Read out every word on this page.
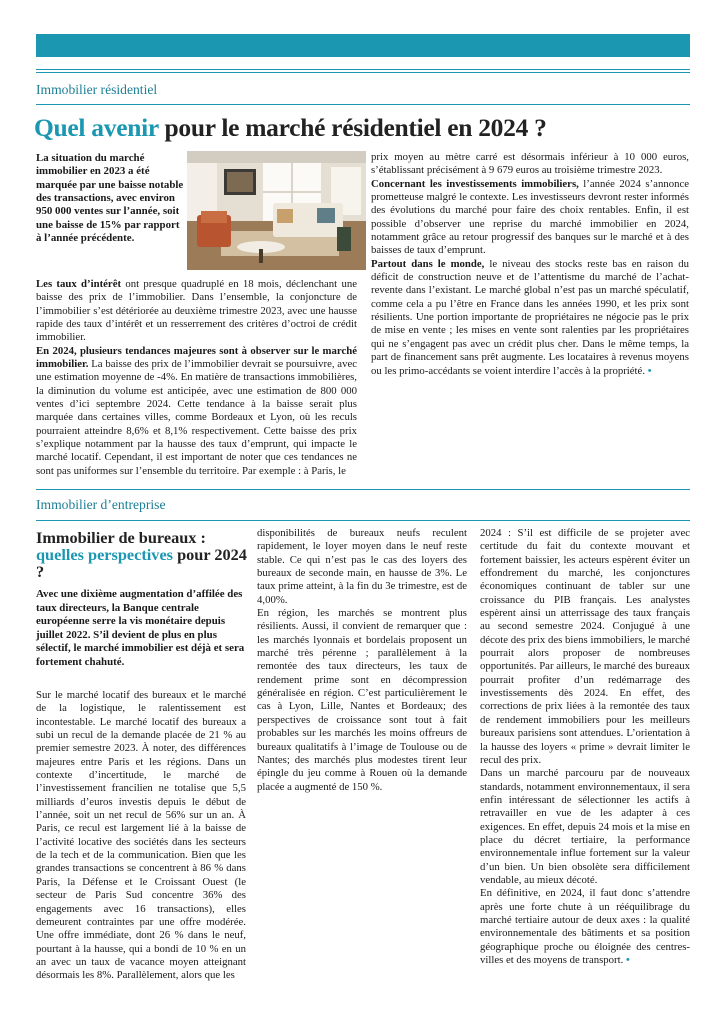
Immobilier résidentiel
Quel avenir pour le marché résidentiel en 2024 ?
La situation du marché immobilier en 2023 a été marquée par une baisse notable des transactions, avec environ 950 000 ventes sur l’année, soit une baisse de 15% par rapport à l’année précédente.

Les taux d’intérêt ont presque quadruplé en 18 mois, déclenchant une baisse des prix de l’immobilier. Dans l’ensemble, la conjoncture de l’immobilier s’est détériorée au deuxième trimestre 2023, avec une hausse rapide des taux d’intérêt et un resserrement des critères d’octroi de crédit immobilier.

En 2024, plusieurs tendances majeures sont à observer sur le marché immobilier. La baisse des prix de l’immobilier devrait se poursuivre, avec une estimation moyenne de -4%. En matière de transactions immobilières, la diminution du volume est anticipée, avec une estimation de 800 000 ventes d’ici septembre 2024. Cette tendance à la baisse serait plus marquée dans certaines villes, comme Bordeaux et Lyon, où les reculs pourraient atteindre 8,6% et 8,1% respectivement. Cette baisse des prix s’explique notamment par la hausse des taux d’emprunt, qui impacte le marché locatif. Cependant, il est important de noter que ces tendances ne sont pas uniformes sur l’ensemble du territoire. Par exemple : à Paris, le

prix moyen au mètre carré est désormais inférieur à 10 000 euros, s’établissant précisément à 9 679 euros au troisième trimestre 2023.

Concernant les investissements immobiliers, l’année 2024 s’annonce prometteuse malgré le contexte. Les investisseurs devront rester informés des évolutions du marché pour faire des choix rentables. Enfin, il est possible d’observer une reprise du marché immobilier en 2024, notamment grâce au retour progressif des banques sur le marché et à des baisses de taux d’emprunt.

Partout dans le monde, le niveau des stocks reste bas en raison du déficit de construction neuve et de l’attentisme du marché de l’achat-revente dans l’existant. Le marché global n’est pas un marché spéculatif, comme cela a pu l’être en France dans les années 1990, et les prix sont résilients. Une portion importante de propriétaires ne négocie pas le prix de mise en vente ; les mises en vente sont ralenties par les propriétaires qui ne s’engagent pas avec un crédit plus cher. Dans le même temps, la part de financement sans prêt augmente. Les locataires à revenus moyens ou les primo-accédants se voient interdire l’accès à la propriété. •

Immobilier d’entreprise
Immobilier de bureaux :
quelles perspectives pour 2024 ?
Avec une dixième augmentation d’affilée des taux directeurs, la Banque centrale européenne serre la vis monétaire depuis juillet 2022. S’il devient de plus en plus sélectif, le marché immobilier est déjà et sera fortement chahuté.

Sur le marché locatif des bureaux et le marché de la logistique, le ralentissement est incontestable. Le marché locatif des bureaux a subi un recul de la demande placée de 21 % au premier semestre 2023. À noter, des différences majeures entre Paris et les régions. Dans un contexte d’incertitude, le marché de l’investissement francilien ne totalise que 5,5 milliards d’euros investis depuis le début de l’année, soit un net recul de 56% sur un an. À Paris, ce recul est largement lié à la baisse de l’activité locative des sociétés dans les secteurs de la tech et de la communication. Bien que les grandes transactions se concentrent à 86 % dans Paris, la Défense et le Croissant Ouest (le secteur de Paris Sud concentre 36% des engagements avec 16 transactions), elles demeurent contraintes par une offre modérée. Une offre immédiate, dont 26 % dans le neuf, pourtant à la hausse, qui a bondi de 10 % en un an avec un taux de vacance moyen atteignant désormais les 8%. Parallèlement, alors que les

disponibilités de bureaux neufs reculent rapidement, le loyer moyen dans le neuf reste stable. Ce qui n’est pas le cas des loyers des bureaux de seconde main, en hausse de 3%. Le taux prime atteint, à la fin du 3e trimestre, est de 4,00%.

En région, les marchés se montrent plus résilients. Aussi, il convient de remarquer que : les marchés lyonnais et bordelais proposent un marché très pérenne ; parallèlement à la remontée des taux directeurs, les taux de rendement prime sont en décompression généralisée en région. C’est particulièrement le cas à Lyon, Lille, Nantes et Bordeaux; des perspectives de croissance sont tout à fait probables sur les marchés les moins offreurs de bureaux qualitatifs à l’image de Toulouse ou de Nantes; des marchés plus modestes tirent leur épingle du jeu comme à Rouen où la demande placée a augmenté de 150 %.

2024 : S’il est difficile de se projeter avec certitude du fait du contexte mouvant et fortement baissier, les acteurs espèrent éviter un effondrement du marché, les conjonctures économiques continuant de tabler sur une croissance du PIB français. Les analystes espèrent ainsi un atterrissage des taux français au second semestre 2024. Conjugué à une décote des prix des biens immobiliers, le marché pourrait alors proposer de nombreuses opportunités. Par ailleurs, le marché des bureaux pourrait profiter d’un redémarrage des investissements dès 2024. En effet, des corrections de prix liées à la remontée des taux de rendement immobiliers pour les meilleurs bureaux parisiens sont attendues. L’orientation à la hausse des loyers « prime » devrait limiter le recul des prix.

Dans un marché parcouru par de nouveaux standards, notamment environnementaux, il sera enfin intéressant de sélectionner les actifs à retravailler en vue de les adapter à ces exigences. En effet, depuis 24 mois et la mise en place du décret tertiaire, la performance environnementale influe fortement sur la valeur d’un bien. Un bien obsolète sera difficilement vendable, au mieux décoté.

En définitive, en 2024, il faut donc s’attendre après une forte chute à un rééquilibrage du marché tertiaire autour de deux axes : la qualité environnementale des bâtiments et sa position géographique proche ou éloignée des centres-villes et des moyens de transport. •
